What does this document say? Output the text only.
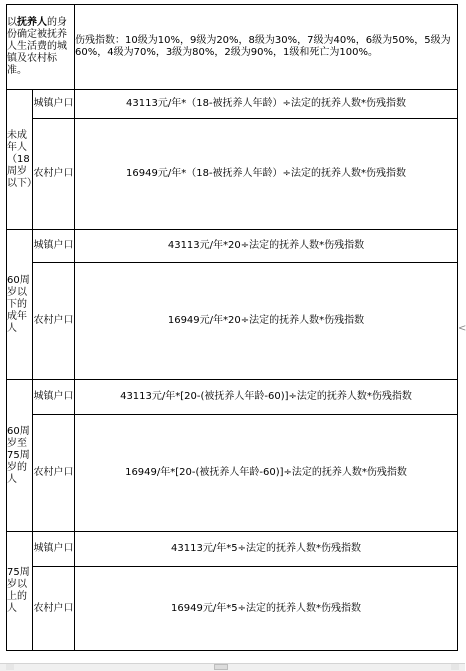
以抚养人的身份确定被抚养人生活费的城镇及农村标准。		伤残指数：10级为10%，9级为20%，8级为30%，7级为40%，6级为50%，5级为60%，4级为70%，3级为80%，2级为90%，1级和死亡为100%。
未成年人（18周岁以下）	城镇户口	43113元/年*（18-被抚养人年龄）÷法定的抚养人数*伤残指数
	农村户口	16949元/年*（18-被抚养人年龄）÷法定的抚养人数*伤残指数
60周岁以下的成年人	城镇户口	43113元/年*20÷法定的抚养人数*伤残指数
	农村户口	16949元/年*20÷法定的抚养人数*伤残指数
60周岁至75周岁的人	城镇户口	43113元/年*[20-(被抚养人年龄-60)]÷法定的抚养人数*伤残指数
	农村户口	16949/年*[20-(被抚养人年龄-60)]÷法定的抚养人数*伤残指数
75周岁以上的人	城镇户口	43113元/年*5÷法定的抚养人数*伤残指数
	农村户口	16949元/年*5÷法定的抚养人数*伤残指数
<
